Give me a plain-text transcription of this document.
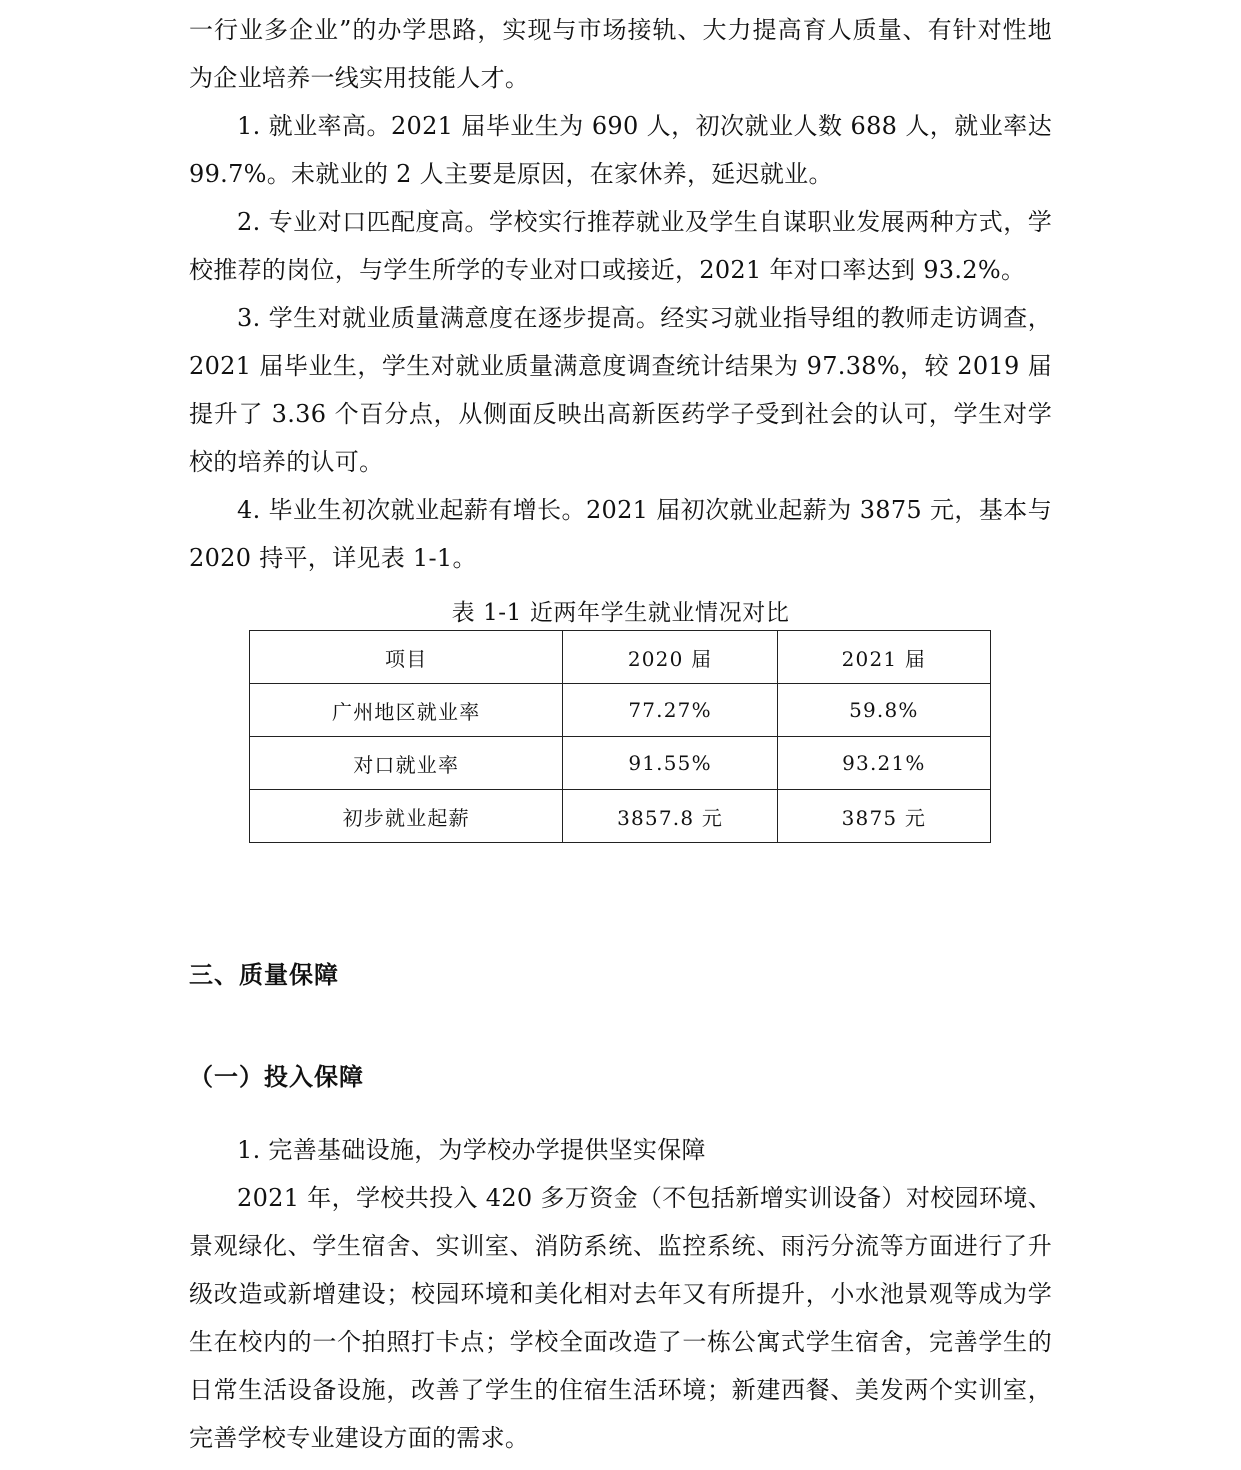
一行业多企业”的办学思路，实现与市场接轨、大力提高育人质量、有针对性地为企业培养一线实用技能人才。

1. 就业率高。2021 届毕业生为 690 人，初次就业人数 688 人，就业率达 99.7%。未就业的 2 人主要是原因，在家休养，延迟就业。

2. 专业对口匹配度高。学校实行推荐就业及学生自谋职业发展两种方式，学校推荐的岗位，与学生所学的专业对口或接近，2021 年对口率达到 93.2%。

3. 学生对就业质量满意度在逐步提高。经实习就业指导组的教师走访调查，2021 届毕业生，学生对就业质量满意度调查统计结果为 97.38%，较 2019 届提升了 3.36 个百分点，从侧面反映出高新医药学子受到社会的认可，学生对学校的培养的认可。

4. 毕业生初次就业起薪有增长。2021 届初次就业起薪为 3875 元，基本与 2020 持平，详见表 1-1。

表 1-1 近两年学生就业情况对比
项目	2020 届	2021 届
广州地区就业率	77.27%	59.8%
对口就业率	91.55%	93.21%
初步就业起薪	3857.8 元	3875 元
三、质量保障
（一）投入保障

1. 完善基础设施，为学校办学提供坚实保障

2021 年，学校共投入 420 多万资金（不包括新增实训设备）对校园环境、景观绿化、学生宿舍、实训室、消防系统、监控系统、雨污分流等方面进行了升级改造或新增建设；校园环境和美化相对去年又有所提升，小水池景观等成为学生在校内的一个拍照打卡点；学校全面改造了一栋公寓式学生宿舍，完善学生的日常生活设备设施，改善了学生的住宿生活环境；新建西餐、美发两个实训室，完善学校专业建设方面的需求。
